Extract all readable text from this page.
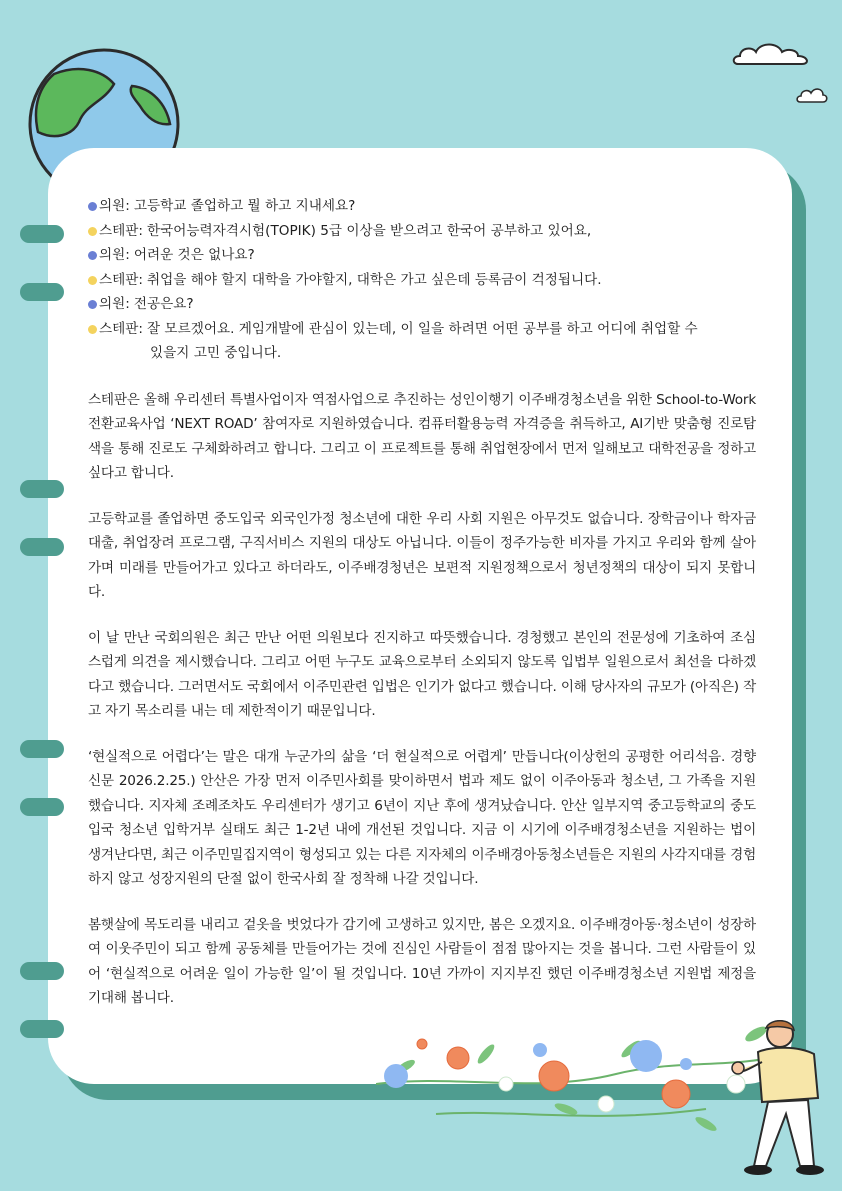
의원: 고등학교 졸업하고 뭘 하고 지내세요?
스테판: 한국어능력자격시험(TOPIK) 5급 이상을 받으려고 한국어 공부하고 있어요,
의원: 어려운 것은 없나요?
스테판: 취업을 해야 할지 대학을 가야할지, 대학은 가고 싶은데 등록금이 걱정됩니다.
의원: 전공은요?
스테판: 잘 모르겠어요. 게임개발에 관심이 있는데, 이 일을 하려면 어떤 공부를 하고 어디에 취업할 수
있을지 고민 중입니다.

스테판은 올해 우리센터 특별사업이자 역점사업으로 추진하는 성인이행기 이주배경청소년을 위한 School-to-Work 전환교육사업 ‘NEXT ROAD’ 참여자로 지원하였습니다. 컴퓨터활용능력 자격증을 취득하고, AI기반 맞춤형 진로탐색을 통해 진로도 구체화하려고 합니다. 그리고 이 프로젝트를 통해 취업현장에서 먼저 일해보고 대학전공을 정하고 싶다고 합니다.

고등학교를 졸업하면 중도입국 외국인가정 청소년에 대한 우리 사회 지원은 아무것도 없습니다. 장학금이나 학자금 대출, 취업장려 프로그램, 구직서비스 지원의 대상도 아닙니다. 이들이 정주가능한 비자를 가지고 우리와 함께 살아가며 미래를 만들어가고 있다고 하더라도, 이주배경청년은 보편적 지원정책으로서 청년정책의 대상이 되지 못합니다.

이 날 만난 국회의원은 최근 만난 어떤 의원보다 진지하고 따뜻했습니다. 경청했고 본인의 전문성에 기초하여 조심스럽게 의견을 제시했습니다. 그리고 어떤 누구도 교육으로부터 소외되지 않도록 입법부 일원으로서 최선을 다하겠다고 했습니다. 그러면서도 국회에서 이주민관련 입법은 인기가 없다고 했습니다. 이해 당사자의 규모가 (아직은) 작고 자기 목소리를 내는 데 제한적이기 때문입니다.

‘현실적으로 어렵다’는 말은 대개 누군가의 삶을 ‘더 현실적으로 어렵게’ 만듭니다(이상헌의 공평한 어리석음. 경향신문 2026.2.25.) 안산은 가장 먼저 이주민사회를 맞이하면서 법과 제도 없이 이주아동과 청소년, 그 가족을 지원했습니다. 지자체 조례조차도 우리센터가 생기고 6년이 지난 후에 생겨났습니다. 안산 일부지역 중고등학교의 중도입국 청소년 입학거부 실태도 최근 1-2년 내에 개선된 것입니다. 지금 이 시기에 이주배경청소년을 지원하는 법이 생겨난다면, 최근 이주민밀집지역이 형성되고 있는 다른 지자체의 이주배경아동청소년들은 지원의 사각지대를 경험하지 않고 성장지원의 단절 없이 한국사회 잘 정착해 나갈 것입니다.

봄햇살에 목도리를 내리고 겉옷을 벗었다가 감기에 고생하고 있지만, 봄은 오겠지요. 이주배경아동·청소년이 성장하여 이웃주민이 되고 함께 공동체를 만들어가는 것에 진심인 사람들이 점점 많아지는 것을 봅니다. 그런 사람들이 있어 ‘현실적으로 어려운 일이 가능한 일’이 될 것입니다. 10년 가까이 지지부진 했던 이주배경청소년 지원법 제정을 기대해 봅니다.
